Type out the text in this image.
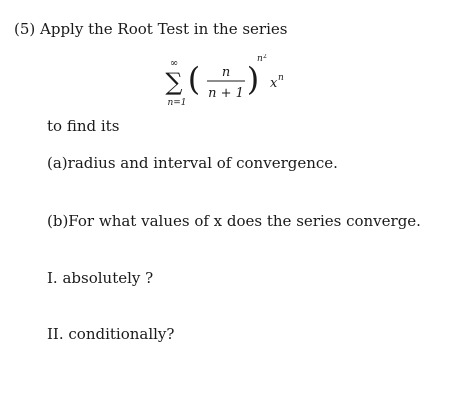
(5) Apply the Root Test in the series
∞
∑
n=1
( n
n + 1 )
n 2
x n
to find its
(a)radius and interval of convergence.
(b)For what values of x does the series converge.
I. absolutely ?
II. conditionally?
